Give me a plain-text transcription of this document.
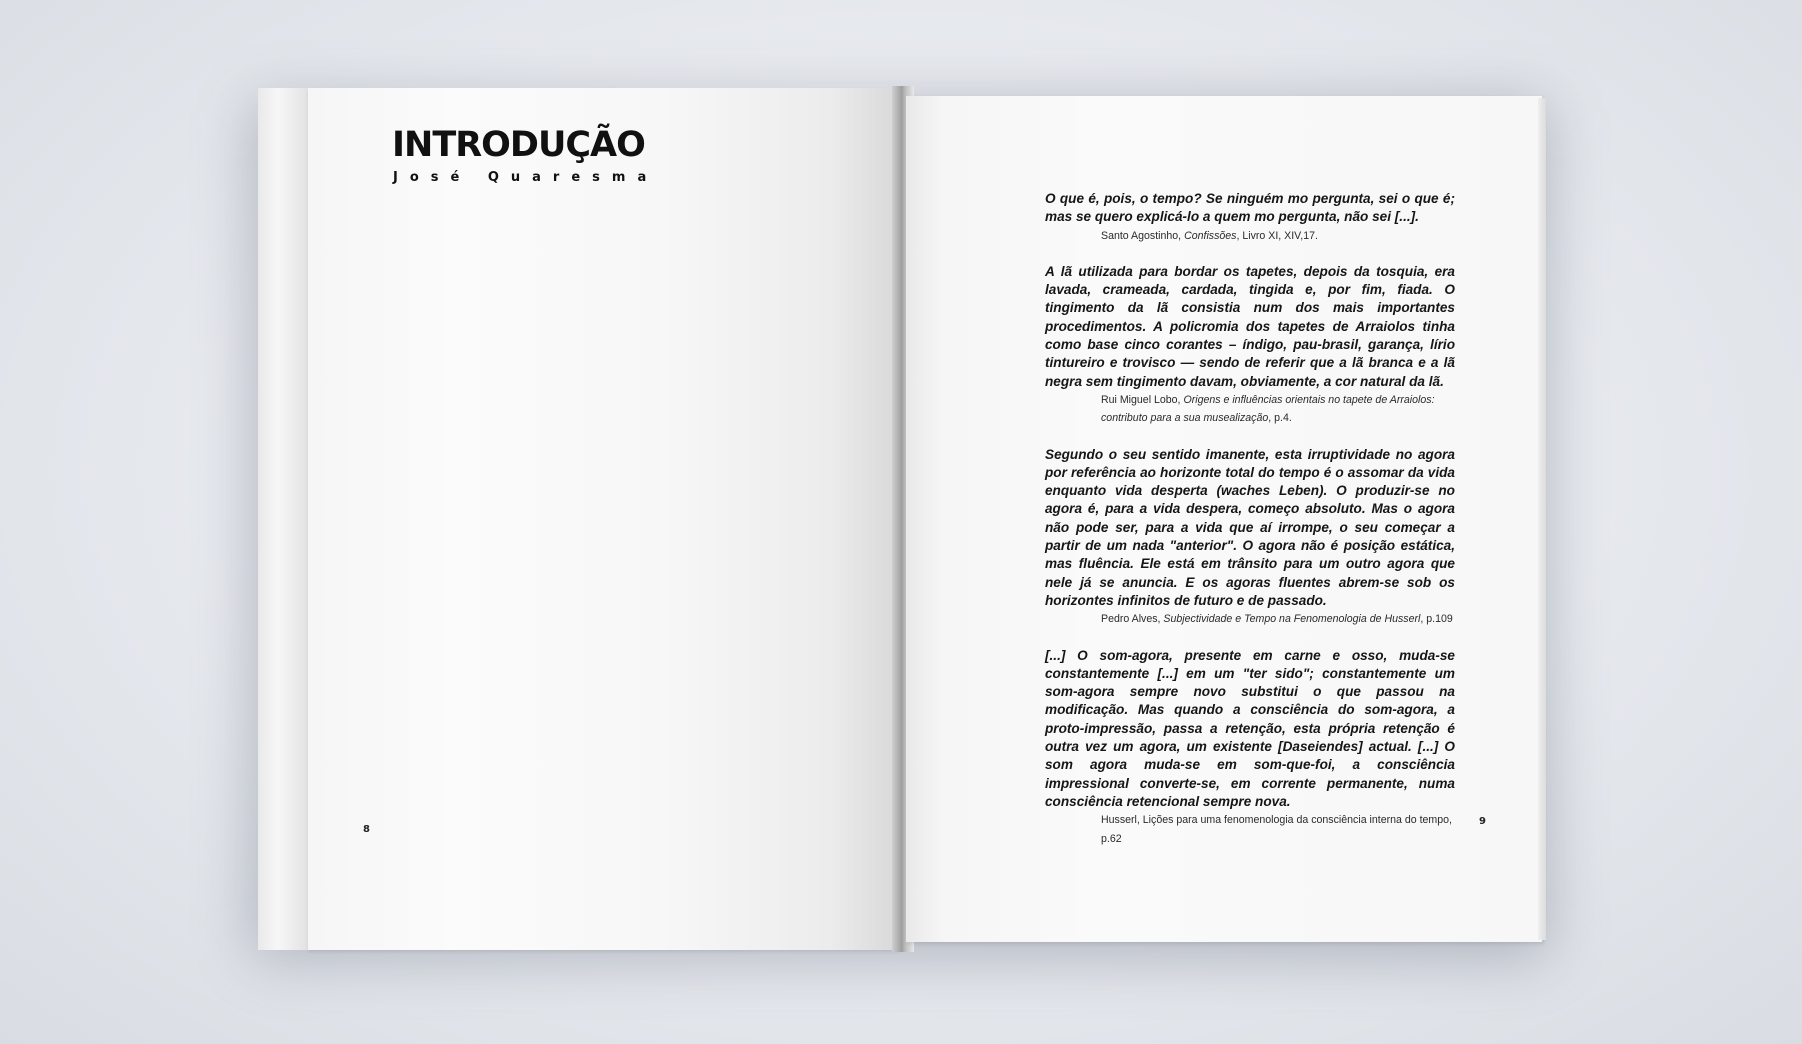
INTRODUÇÃO
José Quaresma
8
9

O que é, pois, o tempo? Se ninguém mo pergunta, sei o que é; mas se quero explicá-lo a quem mo pergunta, não sei [...].

Santo Agostinho, Confissões, Livro XI, XIV,17.

A lã utilizada para bordar os tapetes, depois da tosquia, era lavada, crameada, cardada, tingida e, por fim, fiada. O tingimento da lã consistia num dos mais importantes procedimentos. A policromia dos tapetes de Arraiolos tinha como base cinco corantes – índigo, pau-brasil, garança, lírio tintureiro e trovisco — sendo de referir que a lã branca e a lã negra sem tingimento davam, obviamente, a cor natural da lã.

Rui Miguel Lobo, Origens e influências orientais no tapete de Arraiolos: contributo para a sua musealização, p.4.

Segundo o seu sentido imanente, esta irruptividade no agora por referência ao horizonte total do tempo é o assomar da vida enquanto vida desperta (waches Leben). O produzir-se no agora é, para a vida despera, começo absoluto. Mas o agora não pode ser, para a vida que aí irrompe, o seu começar a partir de um nada "anterior". O agora não é posição estática, mas fluência. Ele está em trânsito para um outro agora que nele já se anuncia. E os agoras fluentes abrem-se sob os horizontes infinitos de futuro e de passado.

Pedro Alves, Subjectividade e Tempo na Fenomenologia de Husserl, p.109

[...] O som-agora, presente em carne e osso, muda-se constantemente [...] em um "ter sido"; constantemente um som-agora sempre novo substitui o que passou na modificação. Mas quando a consciência do som-agora, a proto-impressão, passa a retenção, esta própria retenção é outra vez um agora, um existente [Daseiendes] actual. [...] O som agora muda-se em som-que-foi, a consciência impressional converte-se, em corrente permanente, numa consciência retencional sempre nova.

Husserl, Lições para uma fenomenologia da consciência interna do tempo, p.62
